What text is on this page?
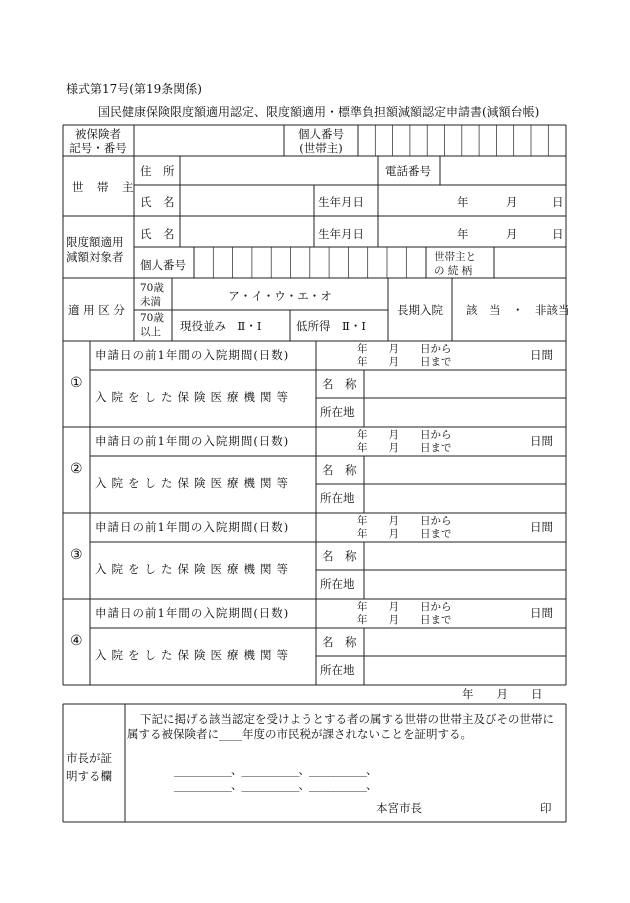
様式第17号(第19条関係)
国民健康保険限度額適用認定、限度額適用・標準負担額減額認定申請書(減額台帳)
被保険者
記号・番号
個人番号
(世帯主)
世　帯　主
住　所	電話番号
氏　名	生年月日	年	月	日
限度額適用
減額対象者
氏　名	生年月日	年	月	日
個人番号
世帯主と
の 続 柄
適 用 区 分
70歳
未満	ア・イ・ウ・エ・オ
70歳
以上 現役並み　Ⅱ・Ⅰ	低所得　Ⅱ・Ⅰ
長期入院 該　当　・　非該当
①
申請日の前1年間の入院期間(日数)	年　　月　　日から
年　　月　　日まで	日間
入院をした保険医療機関等
名　称
所在地
②
申請日の前1年間の入院期間(日数)	年　　月　　日から
年　　月　　日まで	日間
入院をした保険医療機関等
名　称
所在地
③
申請日の前1年間の入院期間(日数)	年　　月　　日から
年　　月　　日まで	日間
入院をした保険医療機関等
名　称
所在地
④
申請日の前1年間の入院期間(日数)	年　　月　　日から
年　　月　　日まで	日間
入院をした保険医療機関等
名　称
所在地
年　　月　　日
市長が証
明する欄
下記に掲げる該当認定を受けようとする者の属する世帯の世帯主及びその世帯に
属する被保険者に____年度の市民税が課されないことを証明する。
____________、____________、____________、
____________、____________、____________、
本宮市長	印
